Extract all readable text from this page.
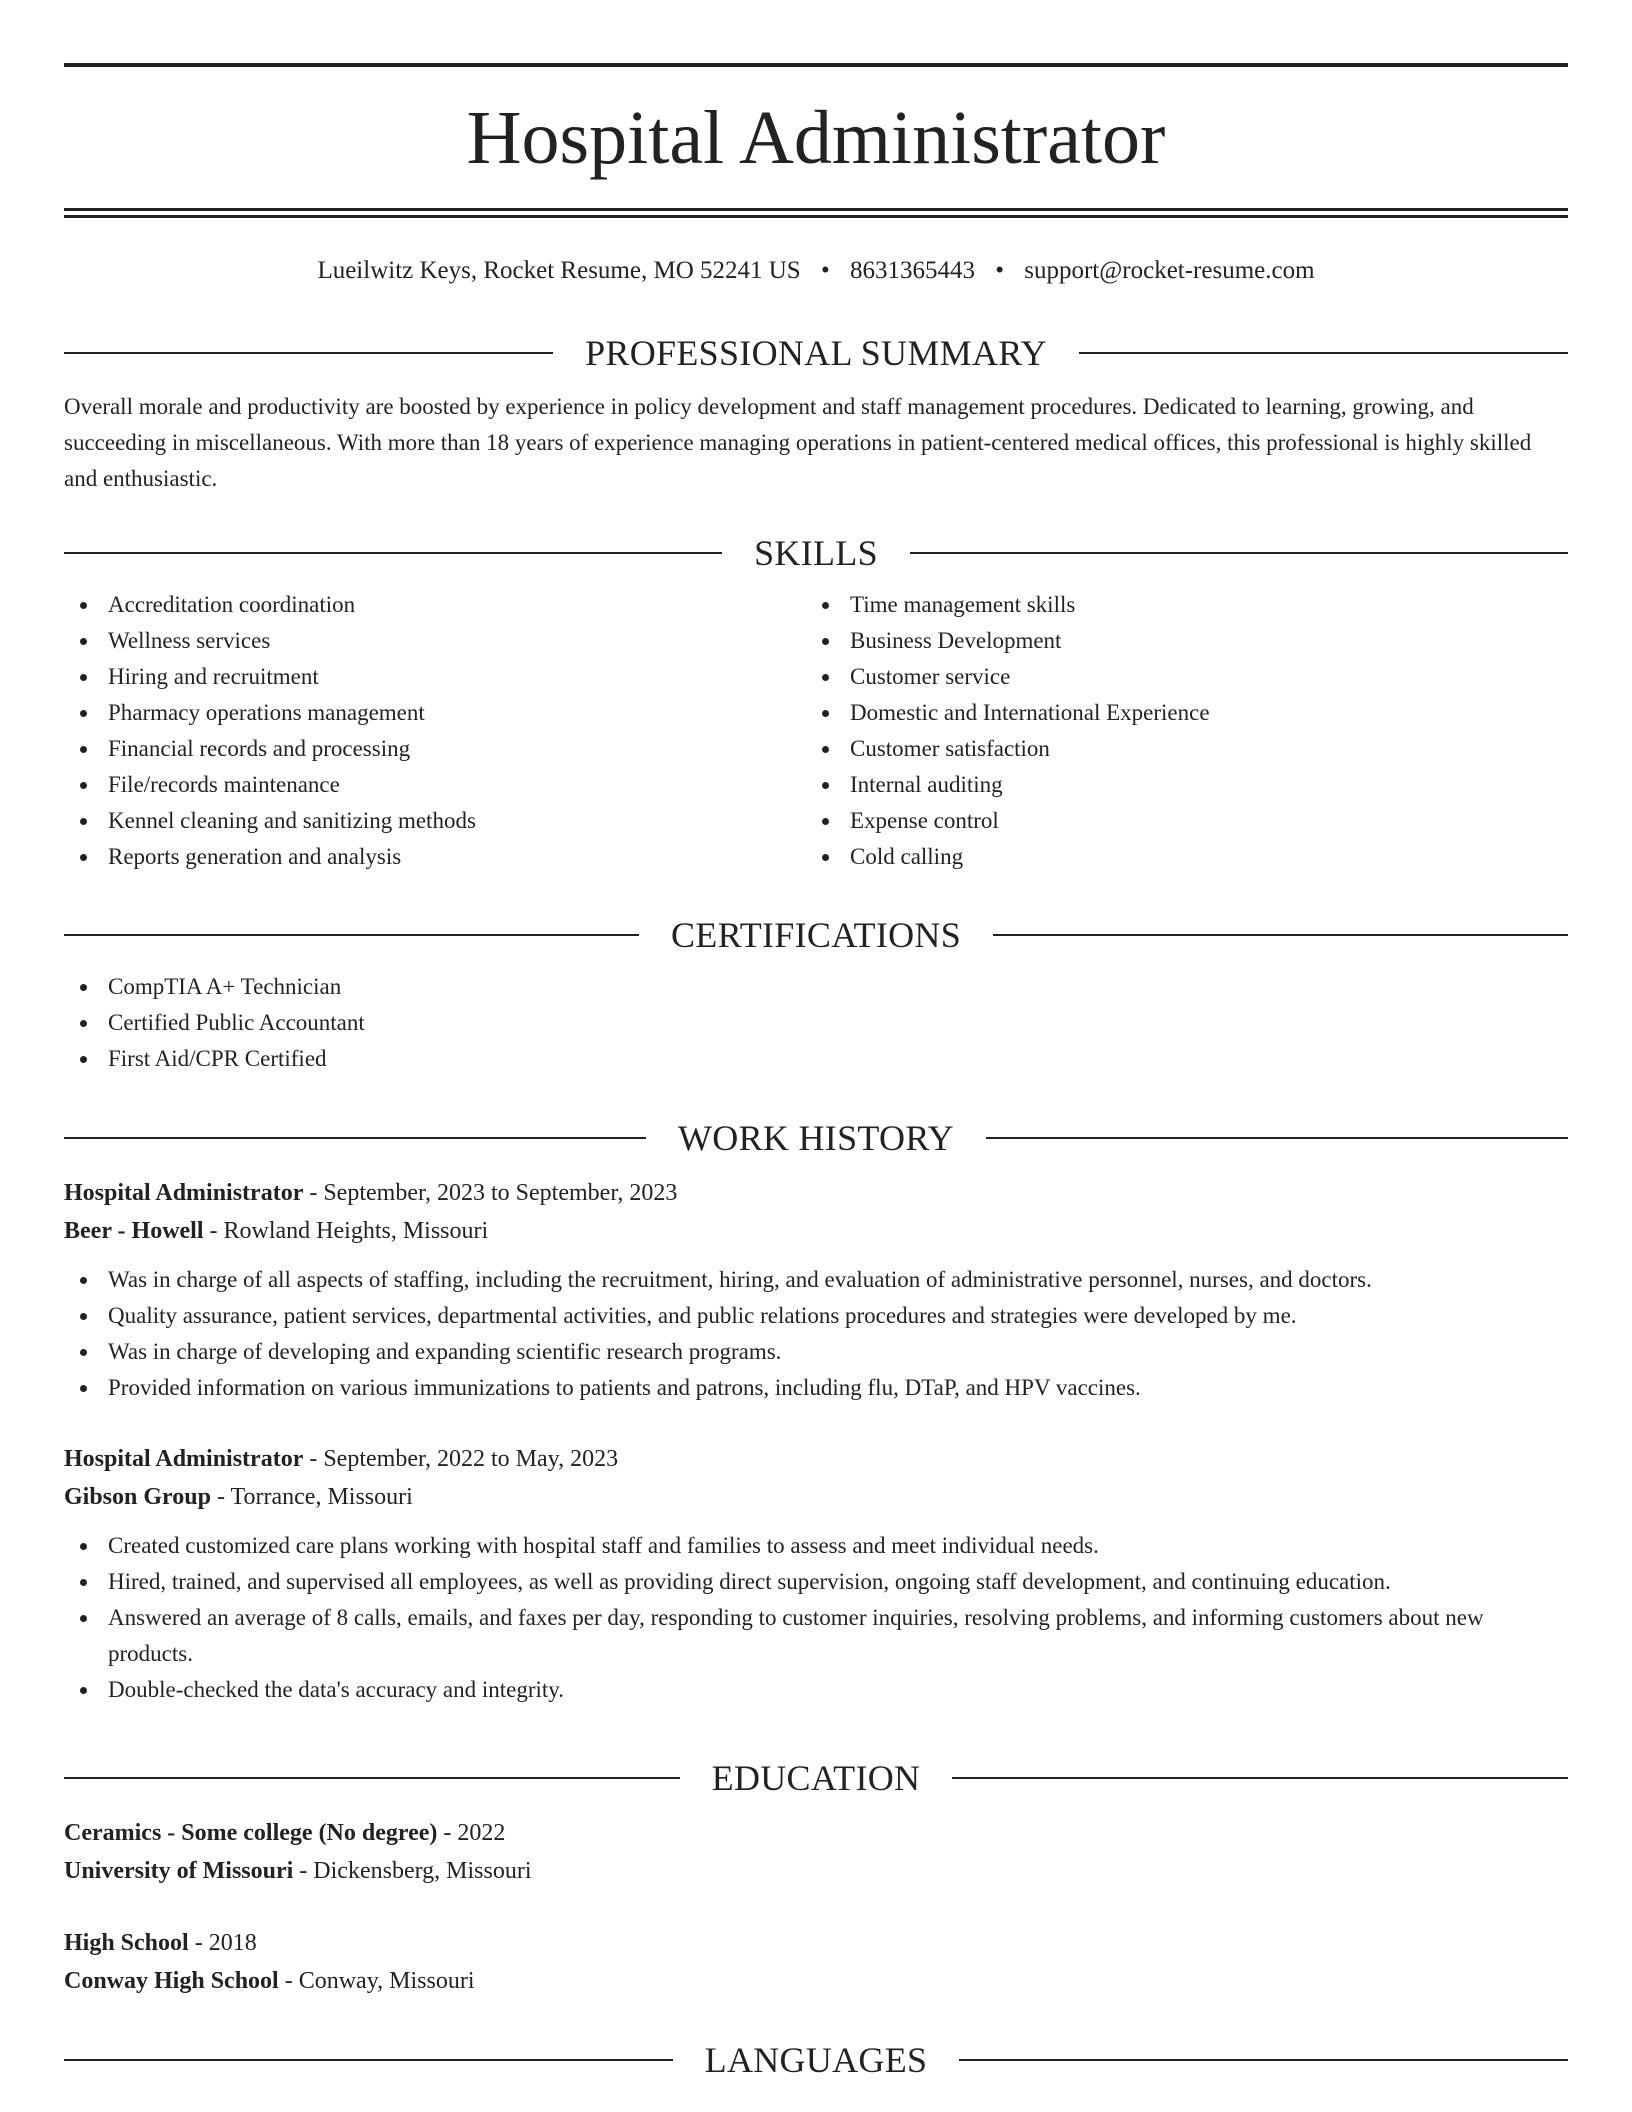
Hospital Administrator
Lueilwitz Keys, Rocket Resume, MO 52241 US • 8631365443 • support@rocket-resume.com
PROFESSIONAL SUMMARY

Overall morale and productivity are boosted by experience in policy development and staff management procedures. Dedicated to learning, growing, and succeeding in miscellaneous. With more than 18 years of experience managing operations in patient-centered medical offices, this professional is highly skilled and enthusiastic.

SKILLS
Accreditation coordination
Wellness services
Hiring and recruitment
Pharmacy operations management
Financial records and processing
File/records maintenance
Kennel cleaning and sanitizing methods
Reports generation and analysis
Time management skills
Business Development
Customer service
Domestic and International Experience
Customer satisfaction
Internal auditing
Expense control
Cold calling
CERTIFICATIONS
CompTIA A+ Technician
Certified Public Accountant
First Aid/CPR Certified
WORK HISTORY
Hospital Administrator - September, 2023 to September, 2023
Beer - Howell - Rowland Heights, Missouri
Was in charge of all aspects of staffing, including the recruitment, hiring, and evaluation of administrative personnel, nurses, and doctors.
Quality assurance, patient services, departmental activities, and public relations procedures and strategies were developed by me.
Was in charge of developing and expanding scientific research programs.
Provided information on various immunizations to patients and patrons, including flu, DTaP, and HPV vaccines.
Hospital Administrator - September, 2022 to May, 2023
Gibson Group - Torrance, Missouri
Created customized care plans working with hospital staff and families to assess and meet individual needs.
Hired, trained, and supervised all employees, as well as providing direct supervision, ongoing staff development, and continuing education.
Answered an average of 8 calls, emails, and faxes per day, responding to customer inquiries, resolving problems, and informing customers about new products.
Double-checked the data's accuracy and integrity.
EDUCATION
Ceramics - Some college (No degree) - 2022
University of Missouri - Dickensberg, Missouri
High School - 2018
Conway High School - Conway, Missouri
LANGUAGES
